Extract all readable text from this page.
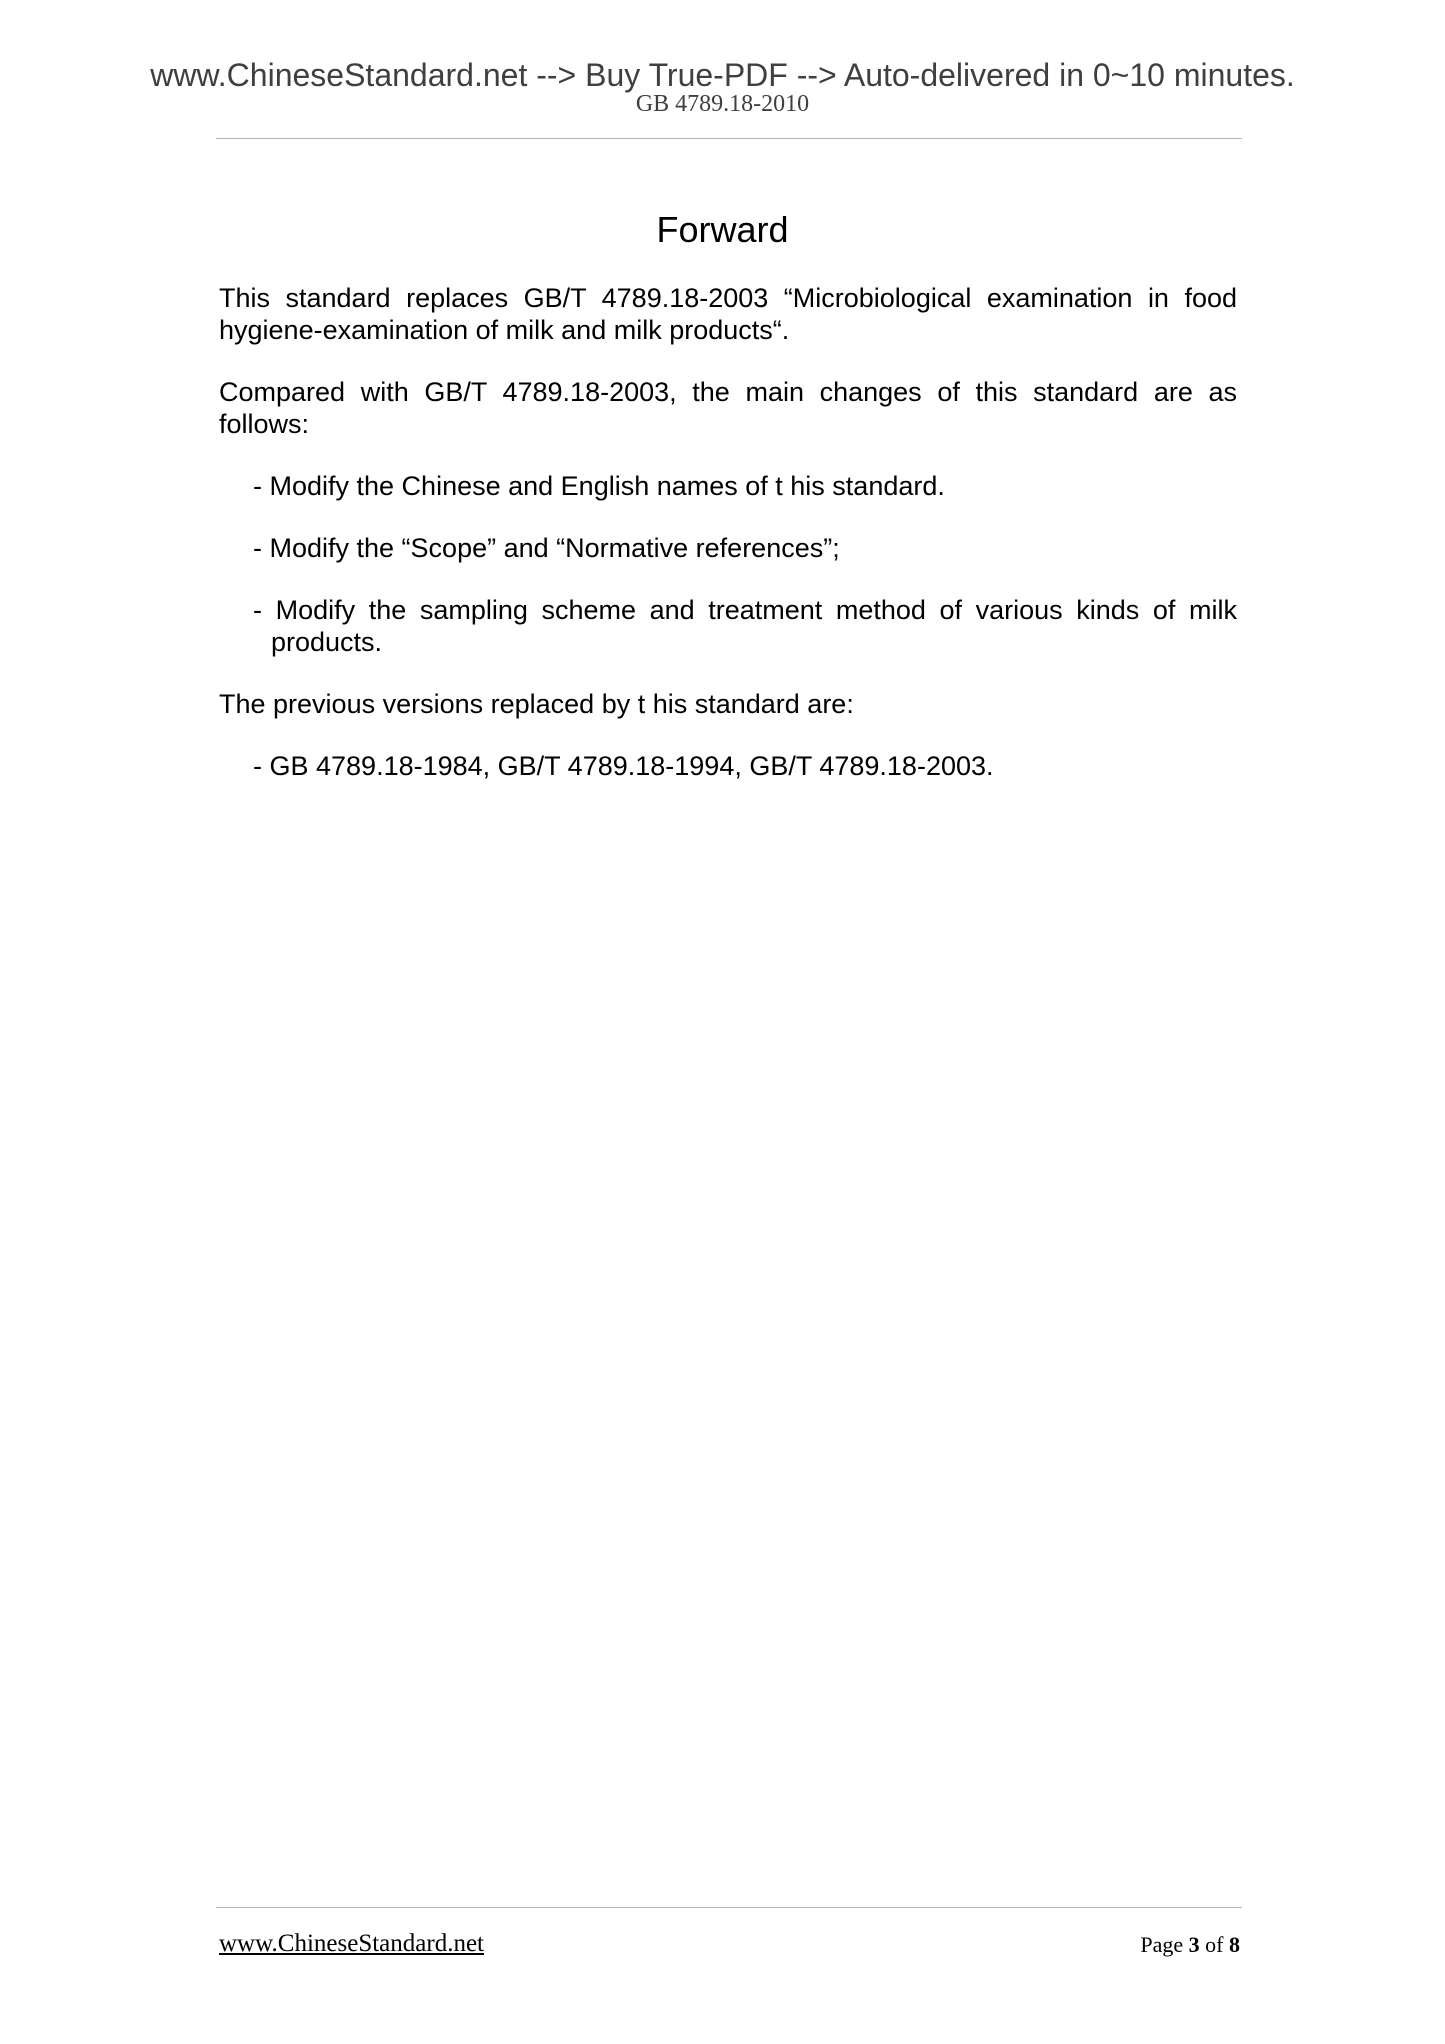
www.ChineseStandard.net --> Buy True-PDF --> Auto-delivered in 0~10 minutes.
GB 4789.18-2010
Forward

This standard replaces GB/T 4789.18-2003 “Microbiological examination in food hygiene-examination of milk and milk products“.

Compared with GB/T 4789.18-2003, the main changes of this standard are as follows:

- Modify the Chinese and English names of t his standard.

- Modify the “Scope” and “Normative references”;

- Modify the sampling scheme and treatment method of various kinds of milk products.

The previous versions replaced by t his standard are:

- GB 4789.18-1984, GB/T 4789.18-1994, GB/T 4789.18-2003.

www.ChineseStandard.net	Page 3 of 8
